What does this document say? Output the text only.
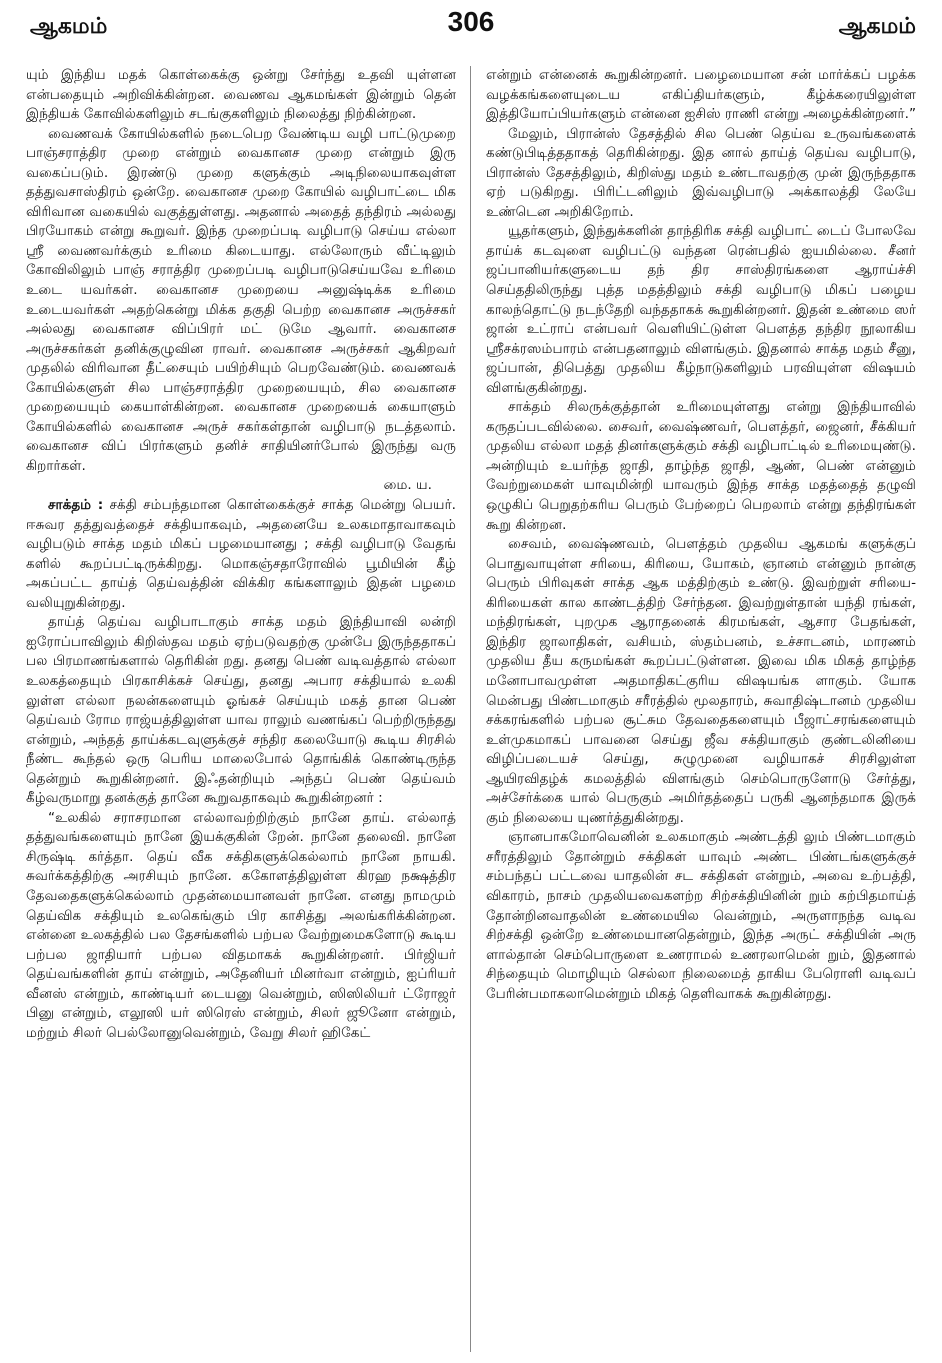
ஆகமம்	306	ஆகமம்

யும் இந்திய மதக் கொள்கைக்கு ஒன்று சேர்ந்து உதவி யுள்ளன என்பதையும் அறிவிக்கின்றன. வைணவ ஆகமங்கள் இன்றும் தென் இந்தியக் கோவில்களிலும் சடங்குகளிலும் நிலைத்து நிற்கின்றன.

வைணவக் கோயில்களில் நடைபெற வேண்டிய வழி பாட்டுமுறை பாஞ்சராத்திர முறை என்றும் வைகானச முறை என்றும் இரு வகைப்படும். இரண்டு முறை களுக்கும் அடிநிலையாகவுள்ள தத்துவசாஸ்திரம் ஒன்றே. வைகானச முறை கோயில் வழிபாட்டை மிக விரிவான வகையில் வகுத்துள்ளது. அதனால் அதைத் தந்திரம் அல்லது பிரயோகம் என்று கூறுவர். இந்த முறைப்படி வழிபாடு செய்ய எல்லா ஸ்ரீ வைணவர்க்கும் உரிமை கிடையாது. எல்லோரும் வீட்டிலும் கோவிலிலும் பாஞ் சராத்திர முறைப்படி வழிபாடுசெய்யவே உரிமை உடை யவர்கள். வைகானச முறையை அனுஷ்டிக்க உரிமை உடையவர்கள் அதற்கென்று மிக்க தகுதி பெற்ற வைகானச அருச்சகர் அல்லது வைகானச விப்பிரர் மட் டுமே ஆவார். வைகானச அருச்சகர்கள் தனிக்குழுவின ராவர். வைகானச அருச்சகர் ஆகிறவர் முதலில் விரிவான தீட்சையும் பயிற்சியும் பெறவேண்டும். வைணவக் கோயில்களுள் சில பாஞ்சராத்திர முறையையும், சில வைகானச முறையையும் கையாள்கின்றன. வைகானச முறையைக் கையாளும் கோயில்களில் வைகானச அருச் சகர்கள்தான் வழிபாடு நடத்தலாம். வைகானச விப் பிரர்களும் தனிச் சாதியினர்போல் இருந்து வரு கிறார்கள்.

மை. ய.

சாக்தம் : சக்தி சம்பந்தமான கொள்கைக்குச் சாக்த மென்று பெயர். ஈசுவர தத்துவத்தைச் சக்தியாகவும், அதனையே உலகமாதாவாகவும் வழிபடும் சாக்த மதம் மிகப் பழமையானது ; சக்தி வழிபாடு வேதங் களில் கூறப்பட்டிருக்கிறது. மொகஞ்சதாரோவில் பூமியின் கீழ் அகப்பட்ட தாய்த் தெய்வத்தின் விக்கிர கங்களாலும் இதன் பழமை வலியுறுகின்றது.

தாய்த் தெய்வ வழிபாடாகும் சாக்த மதம் இந்தியாவி லன்றி ஐரோப்பாவிலும் கிறிஸ்தவ மதம் ஏற்படுவதற்கு முன்பே இருந்ததாகப் பல பிரமாணங்களால் தெரிகின் றது. தனது பெண் வடிவத்தால் எல்லா உலகத்தையும் பிரகாசிக்கச் செய்து, தனது அபார சக்தியால் உலகி லுள்ள எல்லா நலன்களையும் ஓங்கச் செய்யும் மகத் தான பெண் தெய்வம் ரோம ராஜ்யத்திலுள்ள யாவ ராலும் வணங்கப் பெற்றிருந்தது என்றும், அந்தத் தாய்க்கடவுளுக்குச் சந்திர கலையோடு கூடிய சிரசில் நீண்ட கூந்தல் ஒரு பெரிய மாலைபோல் தொங்கிக் கொண்டிருந்த தென்றும் கூறுகின்றனர். இஃதன்றியும் அந்தப் பெண் தெய்வம் கீழ்வருமாறு தனக்குத் தானே கூறுவதாகவும் கூறுகின்றனர் :

“உலகில் சராசரமான எல்லாவற்றிற்கும் நானே தாய். எல்லாத் தத்துவங்களையும் நானே இயக்குகின் றேன். நானே தலைவி. நானே சிருஷ்டி கர்த்தா. தெய் வீக சக்திகளுக்கெல்லாம் நானே நாயகி. சுவர்க்கத்திற்கு அரசியும் நானே. ககோளத்திலுள்ள கிரஹ நக்ஷத்திர தேவதைகளுக்கெல்லாம் முதன்மையானவள் நானே. எனது நாமமும் தெய்விக சக்தியும் உலகெங்கும் பிர காசித்து அலங்கரிக்கின்றன. என்னை உலகத்தில் பல தேசங்களில் பற்பல வேற்றுமைகளோடு கூடிய பற்பல ஜாதியார் பற்பல விதமாகக் கூறுகின்றனர். பிர்ஜியர் தெய்வங்களின் தாய் என்றும், அதேனியர் மினர்வா என்றும், ஐப்ரியர் வீனஸ் என்றும், காண்டியர் டையனு வென்றும், ஸிஸிலியர் ட்ரோஜர் பினு என்றும், எலூஸி யர் ஸிரெஸ் என்றும், சிலர் ஜூனோ என்றும், மற்றும் சிலர் பெல்லோனுவென்றும், வேறு சிலர் ஹிகேட்

என்றும் என்னைக் கூறுகின்றனர். பழைமையான சன் மார்க்கப் பழக்க வழக்கங்களையுடைய எகிப்தியர்களும், கீழ்க்கரையிலுள்ள இத்தியோப்பியர்களும் என்னை ஐசிஸ் ராணி என்று அழைக்கின்றனர்.”

மேலும், பிரான்ஸ் தேசத்தில் சில பெண் தெய்வ உருவங்களைக் கண்டுபிடித்ததாகத் தெரிகின்றது. இத னால் தாய்த் தெய்வ வழிபாடு, பிரான்ஸ் தேசத்திலும், கிறிஸ்து மதம் உண்டாவதற்கு முன் இருந்ததாக ஏற் படுகிறது. பிரிட்டனிலும் இவ்வழிபாடு அக்காலத்தி லேயே உண்டென அறிகிறோம்.

யூதர்களும், இந்துக்களின் தாந்திரிக சக்தி வழிபாட் டைப் போலவே தாய்க் கடவுளை வழிபட்டு வந்தன ரென்பதில் ஐயமில்லை. சீனர் ஜப்பானியர்களுடைய தந் திர சாஸ்திரங்களை ஆராய்ச்சி செய்ததிலிருந்து புத்த மதத்திலும் சக்தி வழிபாடு மிகப் பழைய காலந்தொட்டு நடந்தேறி வந்ததாகக் கூறுகின்றனர். இதன் உண்மை ஸர் ஜான் உட்ராப் என்பவர் வெளியிட்டுள்ள பௌத்த தந்திர நூலாகிய ஸ்ரீசக்ரஸம்பாரம் என்பதனாலும் விளங்கும். இதனால் சாக்த மதம் சீனு, ஜப்பான், திபெத்து முதலிய கீழ்நாடுகளிலும் பரவியுள்ள விஷயம் விளங்குகின்றது.

சாக்தம் சிலருக்குத்தான் உரிமையுள்ளது என்று இந்தியாவில் கருதப்படவில்லை. சைவர், வைஷ்ணவர், பௌத்தர், ஜைனர், சீக்கியர் முதலிய எல்லா மதத் தினர்களுக்கும் சக்தி வழிபாட்டில் உரிமையுண்டு. அன்றியும் உயர்ந்த ஜாதி, தாழ்ந்த ஜாதி, ஆண், பெண் என்னும் வேற்றுமைகள் யாவுமின்றி யாவரும் இந்த சாக்த மதத்தைத் தழுவி ஒழுகிப் பெறுதற்கரிய பெரும் பேற்றைப் பெறலாம் என்று தந்திரங்கள் கூறு கின்றன.

சைவம், வைஷ்ணவம், பௌத்தம் முதலிய ஆகமங் களுக்குப் பொதுவாயுள்ள சரியை, கிரியை, யோகம், ஞானம் என்னும் நான்கு பெரும் பிரிவுகள் சாக்த ஆக மத்திற்கும் உண்டு. இவற்றுள் சரியை-கிரியைகள் கால காண்டத்திற் சேர்ந்தன. இவற்றுள்தான் யந்தி ரங்கள், மந்திரங்கள், புறமுக ஆராதனைக் கிரமங்கள், ஆசார பேதங்கள், இந்திர ஜாலாதிகள், வசியம், ஸ்தம்பனம், உச்சாடனம், மாரணம் முதலிய தீய கருமங்கள் கூறப்பட்டுள்ளன. இவை மிக மிகத் தாழ்ந்த மனோபாவமுள்ள அதமாதிகட்குரிய விஷயங்க ளாகும். யோக மென்பது பிண்டமாகும் சரீரத்தில் மூலதாரம், சுவாதிஷ்டானம் முதலிய சக்கரங்களில் பற்பல சூட்சும தேவதைகளையும் பீஜாட்சரங்களையும் உள்முகமாகப் பாவனை செய்து ஜீவ சக்தியாகும் குண்டலினியை விழிப்படையச் செய்து, சுழுமுனை வழியாகச் சிரசிலுள்ள ஆயிரவிதழ்க் கமலத்தில் விளங்கும் செம்பொருளோடு சேர்த்து, அச்சேர்க்கை யால் பெருகும் அமிர்தத்தைப் பருகி ஆனந்தமாக இருக் கும் நிலையை யுணர்த்துகின்றது.

ஞானபாகமோவெனின் உலகமாகும் அண்டத்தி லும் பிண்டமாகும் சரீரத்திலும் தோன்றும் சக்திகள் யாவும் அண்ட பிண்டங்களுக்குச் சம்பந்தப் பட்டவை யாதலின் சட சக்திகள் என்றும், அவை உற்பத்தி, விகாரம், நாசம் முதலியவைகளற்ற சிற்சக்தியினின் றும் கற்பிதமாய்த் தோன்றினவாதலின் உண்மையில வென்றும், அருளாநந்த வடிவ சிற்சக்தி ஒன்றே உண்மையானதென்றும், இந்த அருட் சக்தியின் அரு ளால்தான் செம்பொருளை உணராமல் உணரலாமென் றும், இதனால் சிந்தையும் மொழியும் செல்லா நிலைமைத் தாகிய பேரொளி வடிவப் பேரின்பமாகலாமென்றும் மிகத் தெளிவாகக் கூறுகின்றது.
